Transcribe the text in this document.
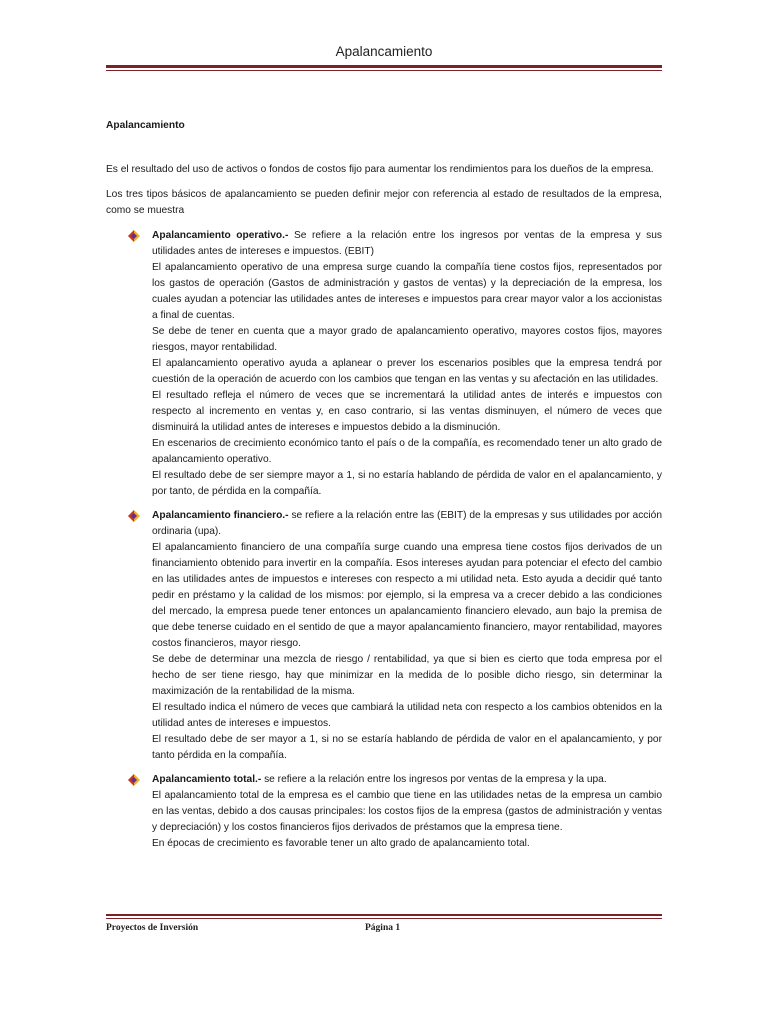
Apalancamiento
Apalancamiento

Es el resultado del uso de activos o fondos de costos fijo para aumentar los rendimientos para los dueños de la empresa.

Los tres tipos básicos de apalancamiento se pueden definir mejor con referencia al estado de resultados de la empresa, como se muestra

Apalancamiento operativo.- Se refiere a la relación entre los ingresos por ventas de la empresa y sus utilidades antes de intereses e impuestos. (EBIT)

El apalancamiento operativo de una empresa surge cuando la compañía tiene costos fijos, representados por los gastos de operación (Gastos de administración y gastos de ventas) y la depreciación de la empresa, los cuales ayudan a potenciar las utilidades antes de intereses e impuestos para crear mayor valor a los accionistas a final de cuentas.

Se debe de tener en cuenta que a mayor grado de apalancamiento operativo, mayores costos fijos, mayores riesgos, mayor rentabilidad.

El apalancamiento operativo ayuda a aplanear o prever los escenarios posibles que la empresa tendrá por cuestión de la operación de acuerdo con los cambios que tengan en las ventas y su afectación en las utilidades.

El resultado refleja el número de veces que se incrementará la utilidad antes de interés e impuestos con respecto al incremento en ventas y, en caso contrario, si las ventas disminuyen, el número de veces que disminuirá la utilidad antes de intereses e impuestos debido a la disminución.

En escenarios de crecimiento económico tanto el país o de la compañía, es recomendado tener un alto grado de apalancamiento operativo.

El resultado debe de ser siempre mayor a 1, si no estaría hablando de pérdida de valor en el apalancamiento, y por tanto, de pérdida en la compañía.

Apalancamiento financiero.- se refiere a la relación entre las (EBIT) de la empresas y sus utilidades por acción ordinaria (upa).

El apalancamiento financiero de una compañía surge cuando una empresa tiene costos fijos derivados de un financiamiento obtenido para invertir en la compañía. Esos intereses ayudan para potenciar el efecto del cambio en las utilidades antes de impuestos e intereses con respecto a mi utilidad neta. Esto ayuda a decidir qué tanto pedir en préstamo y la calidad de los mismos: por ejemplo, si la empresa va a crecer debido a las condiciones del mercado, la empresa puede tener entonces un apalancamiento financiero elevado, aun bajo la premisa de que debe tenerse cuidado en el sentido de que a mayor apalancamiento financiero, mayor rentabilidad, mayores costos financieros, mayor riesgo.

Se debe de determinar una mezcla de riesgo / rentabilidad, ya que si bien es cierto que toda empresa por el hecho de ser tiene riesgo, hay que minimizar en la medida de lo posible dicho riesgo, sin determinar la maximización de la rentabilidad de la misma.

El resultado indica el número de veces que cambiará la utilidad neta con respecto a los cambios obtenidos en la utilidad antes de intereses e impuestos.

El resultado debe de ser mayor a 1, si no se estaría hablando de pérdida de valor en el apalancamiento, y por tanto pérdida en la compañía.

Apalancamiento total.- se refiere a la relación entre los ingresos por ventas de la empresa y la upa.

El apalancamiento total de la empresa es el cambio que tiene en las utilidades netas de la empresa un cambio en las ventas, debido a dos causas principales: los costos fijos de la empresa (gastos de administración y ventas y depreciación) y los costos financieros fijos derivados de préstamos que la empresa tiene.

En épocas de crecimiento es favorable tener un alto grado de apalancamiento total.

Proyectos de Inversión	Página 1
